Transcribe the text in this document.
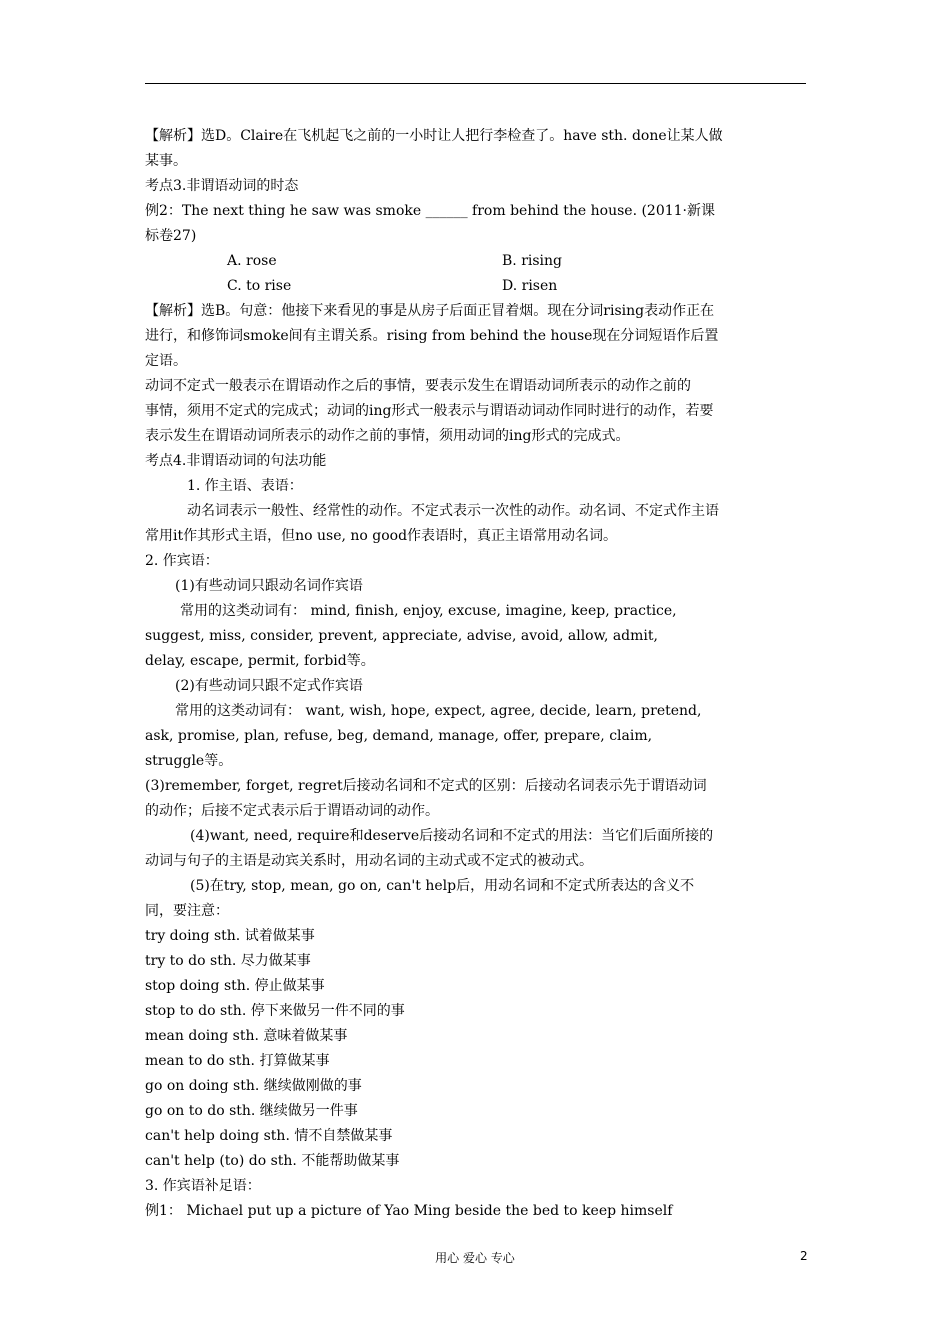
【解析】选D。Claire在飞机起飞之前的一小时让人把行李检查了。have sth. done让某人做
某事。
考点3.非谓语动词的时态
例2：The next thing he saw was smoke ______ from behind the house. (2011·新课
标卷27)
A. rose	B. rising
C. to rise	D. risen
【解析】选B。句意：他接下来看见的事是从房子后面正冒着烟。现在分词rising表动作正在
进行，和修饰词smoke间有主谓关系。rising from behind the house现在分词短语作后置
定语。
动词不定式一般表示在谓语动作之后的事情，要表示发生在谓语动词所表示的动作之前的
事情，须用不定式的完成式；动词的ing形式一般表示与谓语动词动作同时进行的动作，若要
表示发生在谓语动词所表示的动作之前的事情，须用动词的ing形式的完成式。
考点4.非谓语动词的句法功能
1. 作主语、表语：
动名词表示一般性、经常性的动作。不定式表示一次性的动作。动名词、不定式作主语
常用it作其形式主语，但no use, no good作表语时，真正主语常用动名词。
2. 作宾语：
(1)有些动词只跟动名词作宾语
常用的这类动词有： mind, finish, enjoy, excuse, imagine, keep, practice,
suggest, miss, consider, prevent, appreciate, advise, avoid, allow, admit,
delay, escape, permit, forbid等。
(2)有些动词只跟不定式作宾语
常用的这类动词有： want, wish, hope, expect, agree, decide, learn, pretend,
ask, promise, plan, refuse, beg, demand, manage, offer, prepare, claim,
struggle等。
(3)remember, forget, regret后接动名词和不定式的区别：后接动名词表示先于谓语动词
的动作；后接不定式表示后于谓语动词的动作。
(4)want, need, require和deserve后接动名词和不定式的用法：当它们后面所接的
动词与句子的主语是动宾关系时，用动名词的主动式或不定式的被动式。
(5)在try, stop, mean, go on, can't help后，用动名词和不定式所表达的含义不
同，要注意：
try doing sth. 试着做某事
try to do sth. 尽力做某事
stop doing sth. 停止做某事
stop to do sth. 停下来做另一件不同的事
mean doing sth. 意味着做某事
mean to do sth. 打算做某事
go on doing sth. 继续做刚做的事
go on to do sth. 继续做另一件事
can't help doing sth. 情不自禁做某事
can't help (to) do sth. 不能帮助做某事
3. 作宾语补足语：
例1： Michael put up a picture of Yao Ming beside the bed to keep himself
用心 爱心 专心	2
